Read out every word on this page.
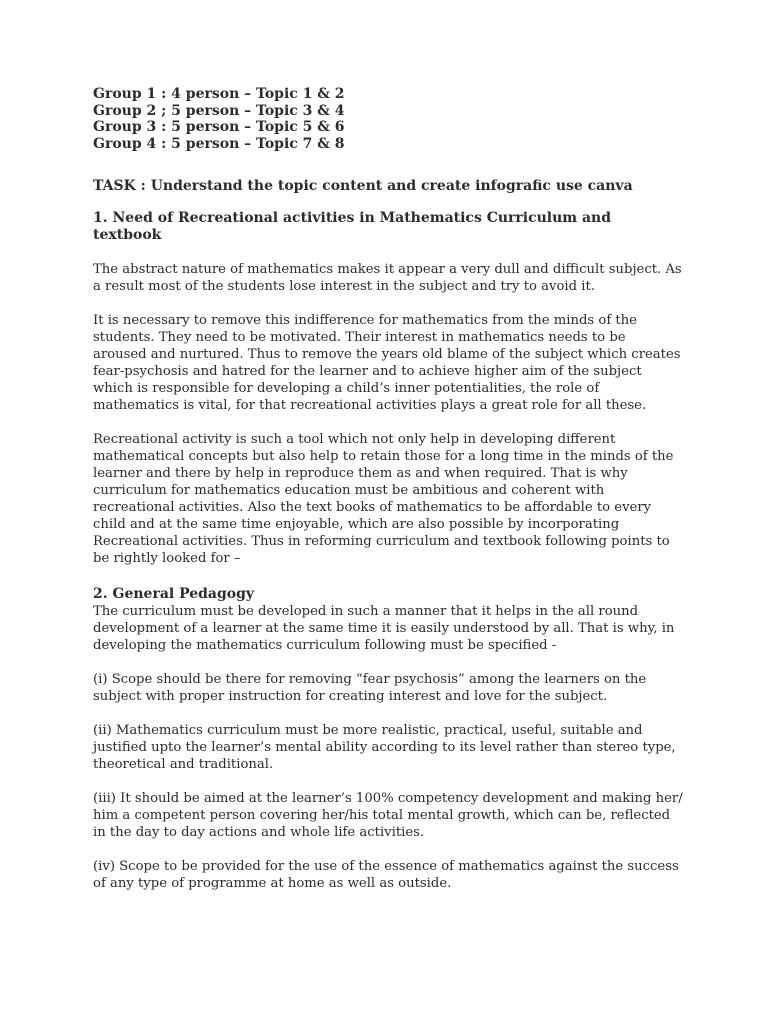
Group 1 : 4 person – Topic 1 & 2
Group 2 ; 5 person – Topic 3 & 4
Group 3 : 5 person – Topic 5 & 6
Group 4 : 5 person – Topic 7 & 8
TASK : Understand the topic content and create infografic use canva
1. Need of Recreational activities in Mathematics Curriculum and textbook

The abstract nature of mathematics makes it appear a very dull and difficult subject. As a result most of the students lose interest in the subject and try to avoid it.

It is necessary to remove this indifference for mathematics from the minds of the students. They need to be motivated. Their interest in mathematics needs to be aroused and nurtured. Thus to remove the years old blame of the subject which creates fear-psychosis and hatred for the learner and to achieve higher aim of the subject which is responsible for developing a child’s inner potentialities, the role of mathematics is vital, for that recreational activities plays a great role for all these.

Recreational activity is such a tool which not only help in developing different mathematical concepts but also help to retain those for a long time in the minds of the learner and there by help in reproduce them as and when required. That is why curriculum for mathematics education must be ambitious and coherent with recreational activities. Also the text books of mathematics to be affordable to every child and at the same time enjoyable, which are also possible by incorporating Recreational activities. Thus in reforming curriculum and textbook following points to be rightly looked for –

2. General Pedagogy

The curriculum must be developed in such a manner that it helps in the all round development of a learner at the same time it is easily understood by all. That is why, in developing the mathematics curriculum following must be specified -

(i) Scope should be there for removing “fear psychosis” among the learners on the subject with proper instruction for creating interest and love for the subject.

(ii) Mathematics curriculum must be more realistic, practical, useful, suitable and justified upto the learner’s mental ability according to its level rather than stereo type, theoretical and traditional.

(iii) It should be aimed at the learner’s 100% competency development and making her/ him a competent person covering her/his total mental growth, which can be, reflected in the day to day actions and whole life activities.

(iv) Scope to be provided for the use of the essence of mathematics against the success of any type of programme at home as well as outside.
